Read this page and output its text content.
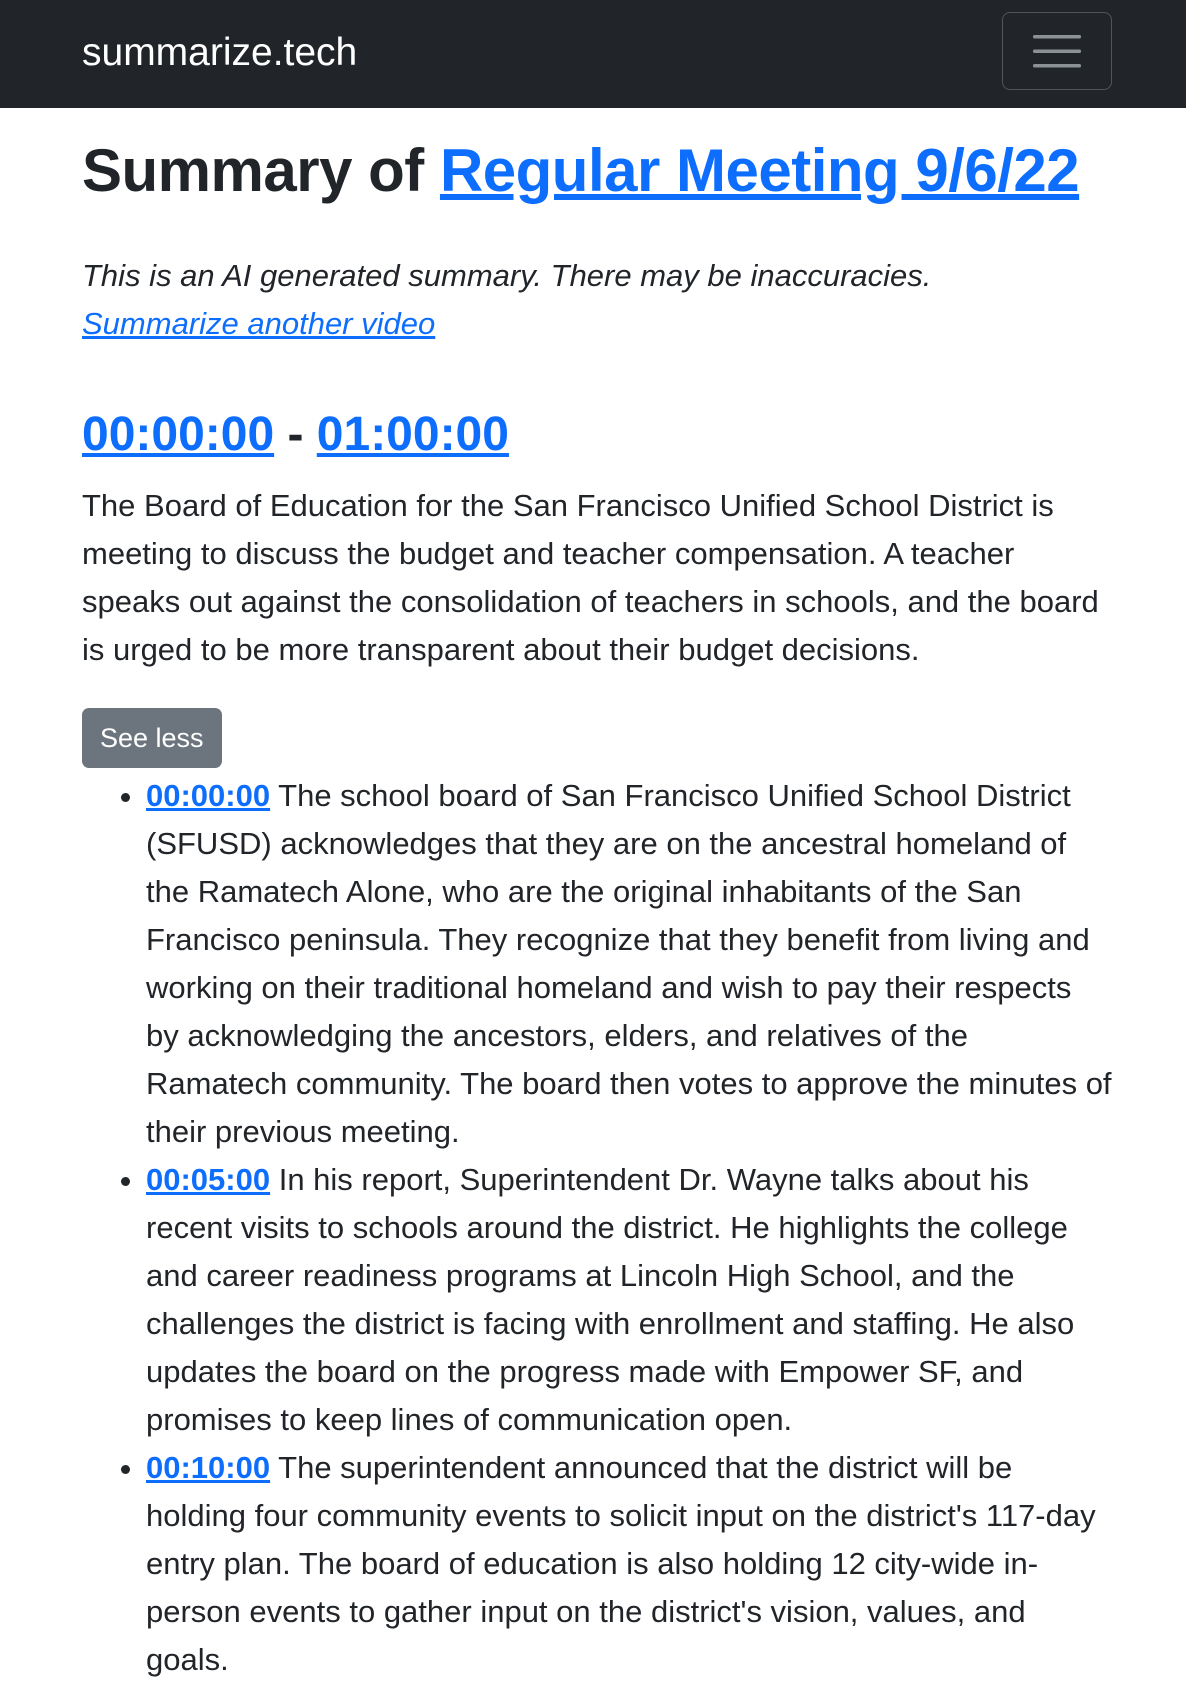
summarize.tech
Summary of Regular Meeting 9/6/22

This is an AI generated summary. There may be inaccuracies.
Summarize another video

00:00:00 - 01:00:00

The Board of Education for the San Francisco Unified School District is meeting to discuss the budget and teacher compensation. A teacher speaks out against the consolidation of teachers in schools, and the board is urged to be more transparent about their budget decisions.

See less
• 00:00:00 The school board of San Francisco Unified School District (SFUSD) acknowledges that they are on the ancestral homeland of the Ramatech Alone, who are the original inhabitants of the San Francisco peninsula. They recognize that they benefit from living and working on their traditional homeland and wish to pay their respects by acknowledging the ancestors, elders, and relatives of the Ramatech community. The board then votes to approve the minutes of their previous meeting.
• 00:05:00 In his report, Superintendent Dr. Wayne talks about his recent visits to schools around the district. He highlights the college and career readiness programs at Lincoln High School, and the challenges the district is facing with enrollment and staffing. He also updates the board on the progress made with Empower SF, and promises to keep lines of communication open.
• 00:10:00 The superintendent announced that the district will be holding four community events to solicit input on the district's 117-day entry plan. The board of education is also holding 12 city-wide in-person events to gather input on the district's vision, values, and goals.
